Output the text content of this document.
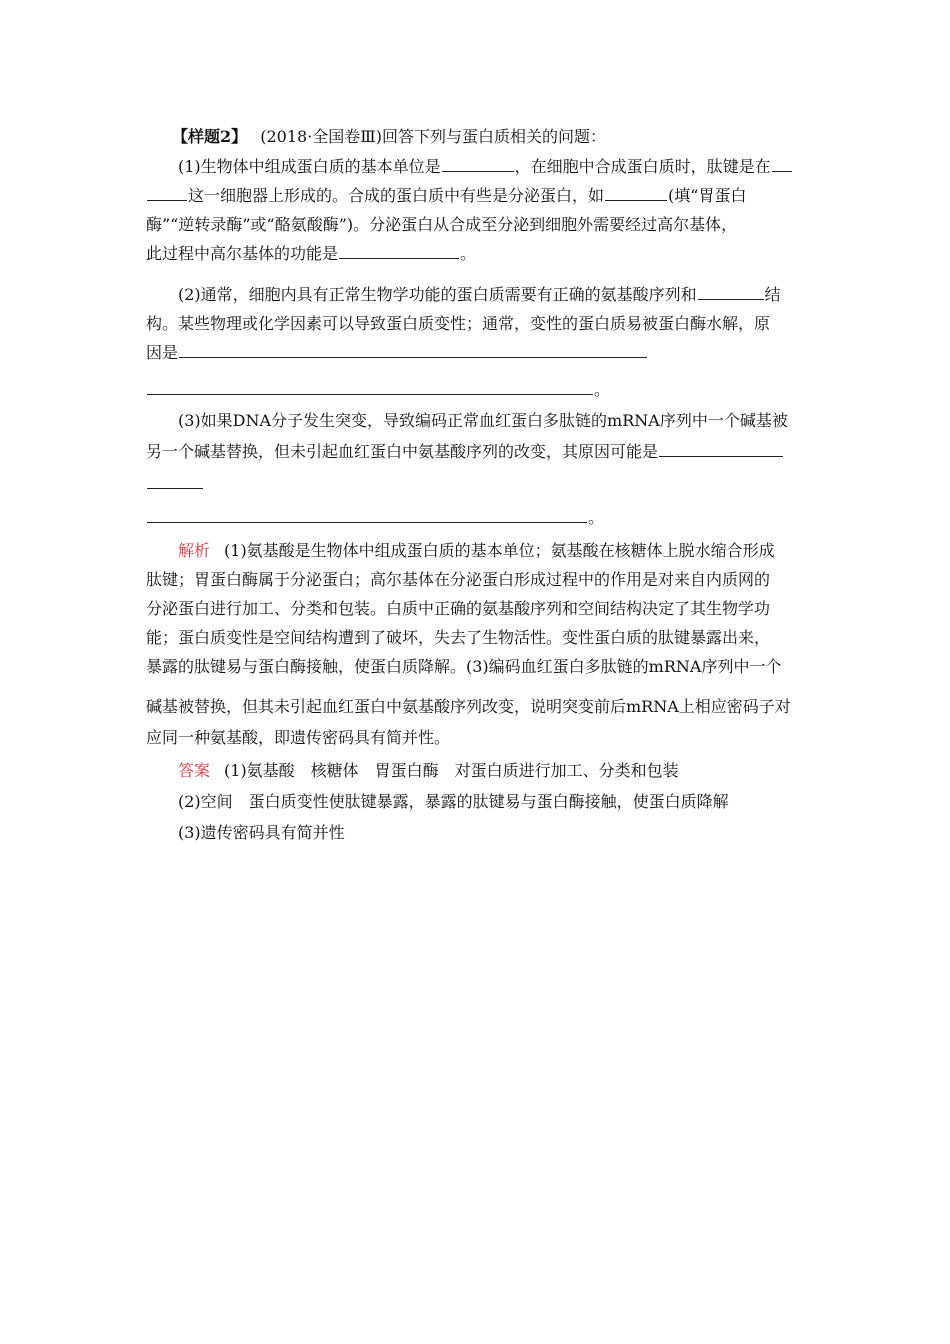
【样题2】 (2018·全国卷Ⅲ)回答下列与蛋白质相关的问题：
(1)生物体中组成蛋白质的基本单位是	，在细胞中合成蛋白质时，肽键是在
这一细胞器上形成的。合成的蛋白质中有些是分泌蛋白，如	(填“胃蛋白
酶”“逆转录酶”或“酪氨酸酶”)。分泌蛋白从合成至分泌到细胞外需要经过高尔基体，
此过程中高尔基体的功能是	。
(2)通常，细胞内具有正常生物学功能的蛋白质需要有正确的氨基酸序列和	结
构。某些物理或化学因素可以导致蛋白质变性；通常，变性的蛋白质易被蛋白酶水解，原
因是
。
(3)如果DNA分子发生突变，导致编码正常血红蛋白多肽链的mRNA序列中一个碱基被
另一个碱基替换，但未引起血红蛋白中氨基酸序列的改变，其原因可能是
。
解析 (1)氨基酸是生物体中组成蛋白质的基本单位；氨基酸在核糖体上脱水缩合形成
肽键；胃蛋白酶属于分泌蛋白；高尔基体在分泌蛋白形成过程中的作用是对来自内质网的
分泌蛋白进行加工、分类和包装。白质中正确的氨基酸序列和空间结构决定了其生物学功
能；蛋白质变性是空间结构遭到了破坏，失去了生物活性。变性蛋白质的肽键暴露出来，
暴露的肽键易与蛋白酶接触，使蛋白质降解。(3)编码血红蛋白多肽链的mRNA序列中一个
碱基被替换，但其未引起血红蛋白中氨基酸序列改变，说明突变前后mRNA上相应密码子对
应同一种氨基酸，即遗传密码具有简并性。
答案 (1)氨基酸　核糖体　胃蛋白酶　对蛋白质进行加工、分类和包装
(2)空间　蛋白质变性使肽键暴露，暴露的肽键易与蛋白酶接触，使蛋白质降解
(3)遗传密码具有简并性
